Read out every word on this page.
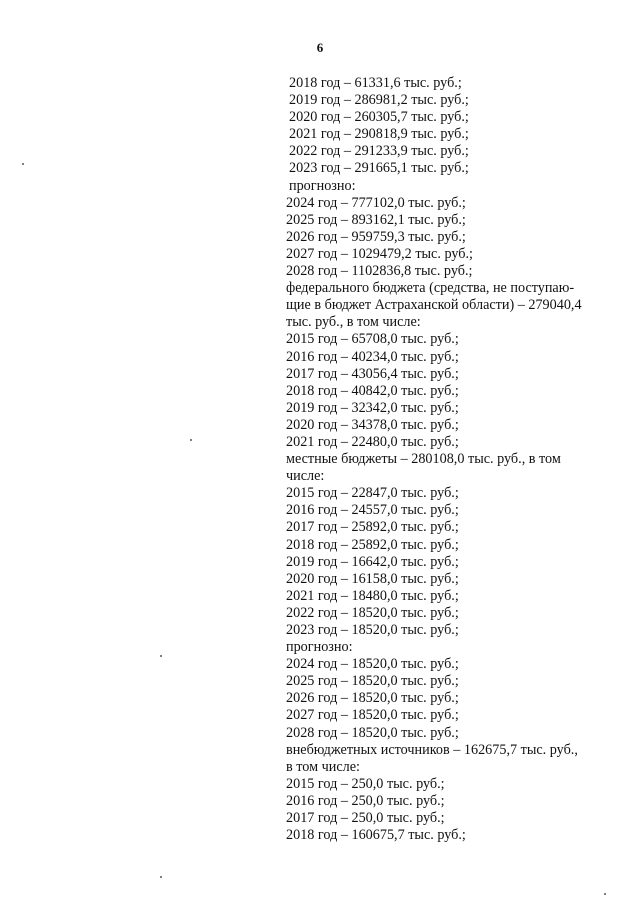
6
2018 год – 61331,6 тыс. руб.;
2019 год – 286981,2 тыс. руб.;
2020 год – 260305,7 тыс. руб.;
2021 год – 290818,9 тыс. руб.;
2022 год – 291233,9 тыс. руб.;
2023 год – 291665,1 тыс. руб.;
прогнозно:
2024 год – 777102,0 тыс. руб.;
2025 год – 893162,1 тыс. руб.;
2026 год – 959759,3 тыс. руб.;
2027 год – 1029479,2 тыс. руб.;
2028 год – 1102836,8 тыс. руб.;
федерального бюджета (средства, не поступаю-
щие в бюджет Астраханской области) – 279040,4
тыс. руб., в том числе:
2015 год – 65708,0 тыс. руб.;
2016 год – 40234,0 тыс. руб.;
2017 год – 43056,4 тыс. руб.;
2018 год – 40842,0 тыс. руб.;
2019 год – 32342,0 тыс. руб.;
2020 год – 34378,0 тыс. руб.;
2021 год – 22480,0 тыс. руб.;
местные бюджеты – 280108,0 тыс. руб., в том
числе:
2015 год – 22847,0 тыс. руб.;
2016 год – 24557,0 тыс. руб.;
2017 год – 25892,0 тыс. руб.;
2018 год – 25892,0 тыс. руб.;
2019 год – 16642,0 тыс. руб.;
2020 год – 16158,0 тыс. руб.;
2021 год – 18480,0 тыс. руб.;
2022 год – 18520,0 тыс. руб.;
2023 год – 18520,0 тыс. руб.;
прогнозно:
2024 год – 18520,0 тыс. руб.;
2025 год – 18520,0 тыс. руб.;
2026 год – 18520,0 тыс. руб.;
2027 год – 18520,0 тыс. руб.;
2028 год – 18520,0 тыс. руб.;
внебюджетных источников – 162675,7 тыс. руб.,
в том числе:
2015 год – 250,0 тыс. руб.;
2016 год – 250,0 тыс. руб.;
2017 год – 250,0 тыс. руб.;
2018 год – 160675,7 тыс. руб.;
